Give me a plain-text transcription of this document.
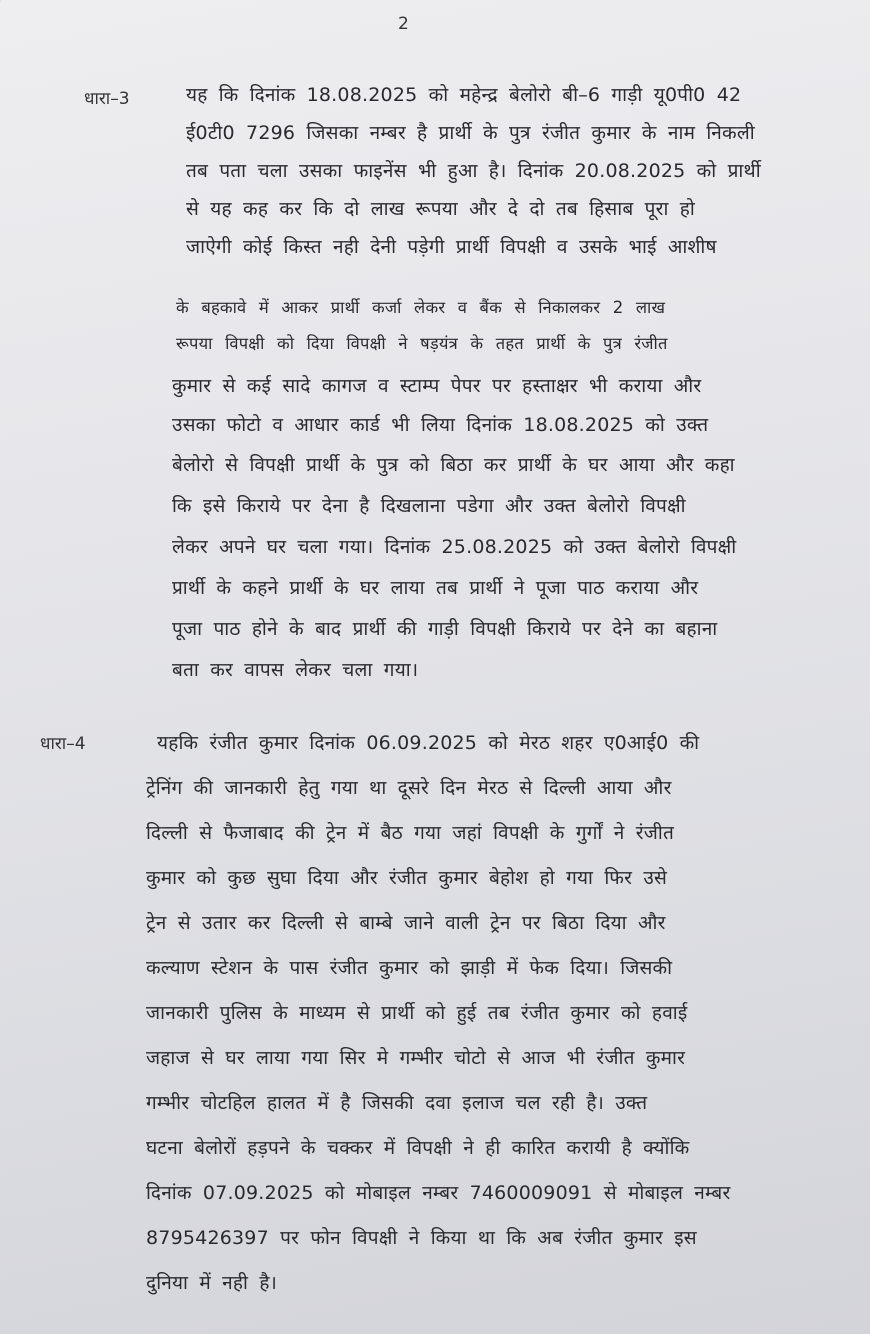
2
धारा–3	यह कि दिनांक 18.08.2025 को महेन्द्र बेलोरो बी–6 गाड़ी यू0पी0 42
ई0टी0 7296 जिसका नम्बर है प्रार्थी के पुत्र रंजीत कुमार के नाम निकली
तब पता चला उसका फाइनेंस भी हुआ है। दिनांक 20.08.2025 को प्रार्थी
से यह कह कर कि दो लाख रूपया और दे दो तब हिसाब पूरा हो
जाऐगी कोई किस्त नही देनी पड़ेगी प्रार्थी विपक्षी व उसके भाई आशीष
के बहकावे में आकर प्रार्थी कर्जा लेकर व बैंक से निकालकर 2 लाख
रूपया विपक्षी को दिया विपक्षी ने षड़यंत्र के तहत प्रार्थी के पुत्र रंजीत
कुमार से कई सादे कागज व स्टाम्प पेपर पर हस्ताक्षर भी कराया और
उसका फोटो व आधार कार्ड भी लिया दिनांक 18.08.2025 को उक्त
बेलोरो से विपक्षी प्रार्थी के पुत्र को बिठा कर प्रार्थी के घर आया और कहा
कि इसे किराये पर देना है दिखलाना पडेगा और उक्त बेलोरो विपक्षी
लेकर अपने घर चला गया। दिनांक 25.08.2025 को उक्त बेलोरो विपक्षी
प्रार्थी के कहने प्रार्थी के घर लाया तब प्रार्थी ने पूजा पाठ कराया और
पूजा पाठ होने के बाद प्रार्थी की गाड़ी विपक्षी किराये पर देने का बहाना
बता कर वापस लेकर चला गया।
धारा–4	यहकि रंजीत कुमार दिनांक 06.09.2025 को मेरठ शहर ए0आई0 की
ट्रेनिंग की जानकारी हेतु गया था दूसरे दिन मेरठ से दिल्ली आया और
दिल्ली से फैजाबाद की ट्रेन में बैठ गया जहां विपक्षी के गुर्गों ने रंजीत
कुमार को कुछ सुघा दिया और रंजीत कुमार बेहोश हो गया फिर उसे
ट्रेन से उतार कर दिल्ली से बाम्बे जाने वाली ट्रेन पर बिठा दिया और
कल्याण स्टेशन के पास रंजीत कुमार को झाड़ी में फेक दिया। जिसकी
जानकारी पुलिस के माध्यम से प्रार्थी को हुई तब रंजीत कुमार को हवाई
जहाज से घर लाया गया सिर मे गम्भीर चोटो से आज भी रंजीत कुमार
गम्भीर चोटहिल हालत में है जिसकी दवा इलाज चल रही है। उक्त
घटना बेलोरों हड़पने के चक्कर में विपक्षी ने ही कारित करायी है क्योंकि
दिनांक 07.09.2025 को मोबाइल नम्बर 7460009091 से मोबाइल नम्बर
8795426397 पर फोन विपक्षी ने किया था कि अब रंजीत कुमार इस
दुनिया में नही है।
